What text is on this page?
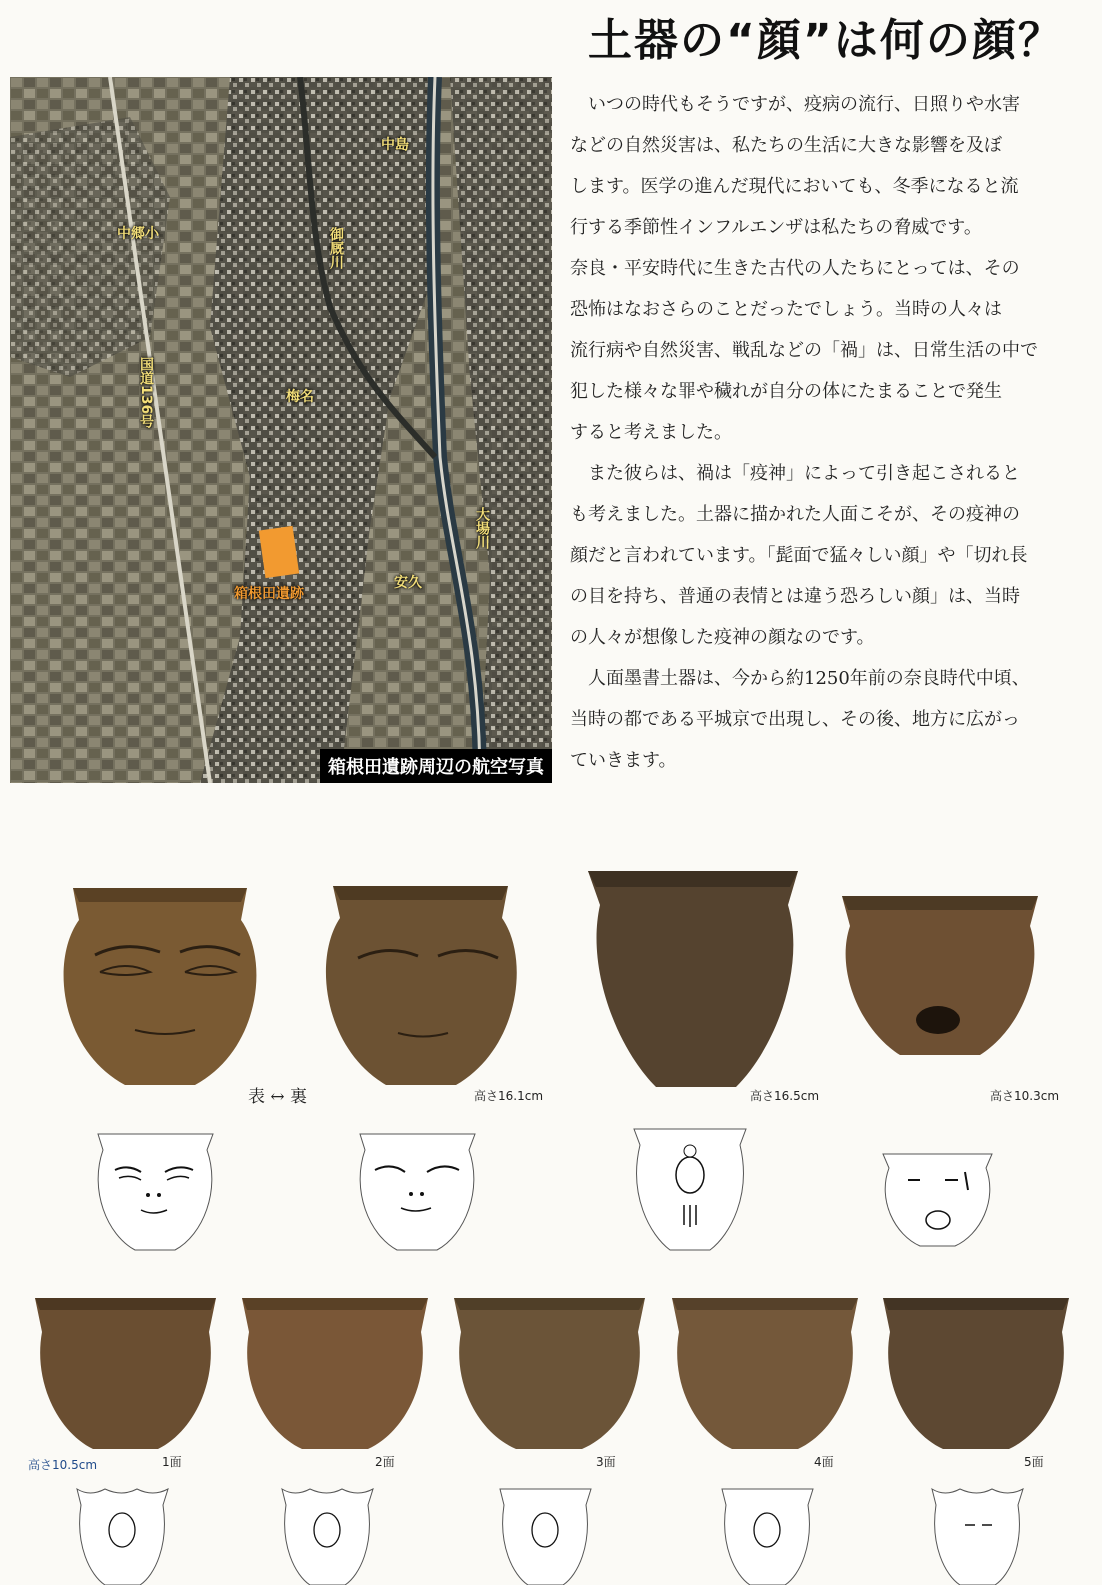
土器の“顔”は何の顔？
中島
中郷小	御厩川
国道136号	梅名
大場川
安久
箱根田遺跡
箱根田遺跡周辺の航空写真

いつの時代もそうですが、疫病の流行、日照りや水害
などの自然災害は、私たちの生活に大きな影響を及ぼ
します。医学の進んだ現代においても、冬季になると流
行する季節性インフルエンザは私たちの脅威です。

奈良・平安時代に生きた古代の人たちにとっては、その
恐怖はなおさらのことだったでしょう。当時の人々は
流行病や自然災害、戦乱などの「禍」は、日常生活の中で
犯した様々な罪や穢れが自分の体にたまることで発生
すると考えました。

また彼らは、禍は「疫神」によって引き起こされると
も考えました。土器に描かれた人面こそが、その疫神の
顔だと言われています。「髭面で猛々しい顔」や「切れ長
の目を持ち、普通の表情とは違う恐ろしい顔」は、当時
の人々が想像した疫神の顔なのです。

人面墨書土器は、今から約1250年前の奈良時代中頃、
当時の都である平城京で出現し、その後、地方に広がっ
ていきます。

表 ↔ 裏	高さ16.1cm	高さ16.5cm	高さ10.3cm
高さ10.5cm	1面	2面	3面	4面	5面
